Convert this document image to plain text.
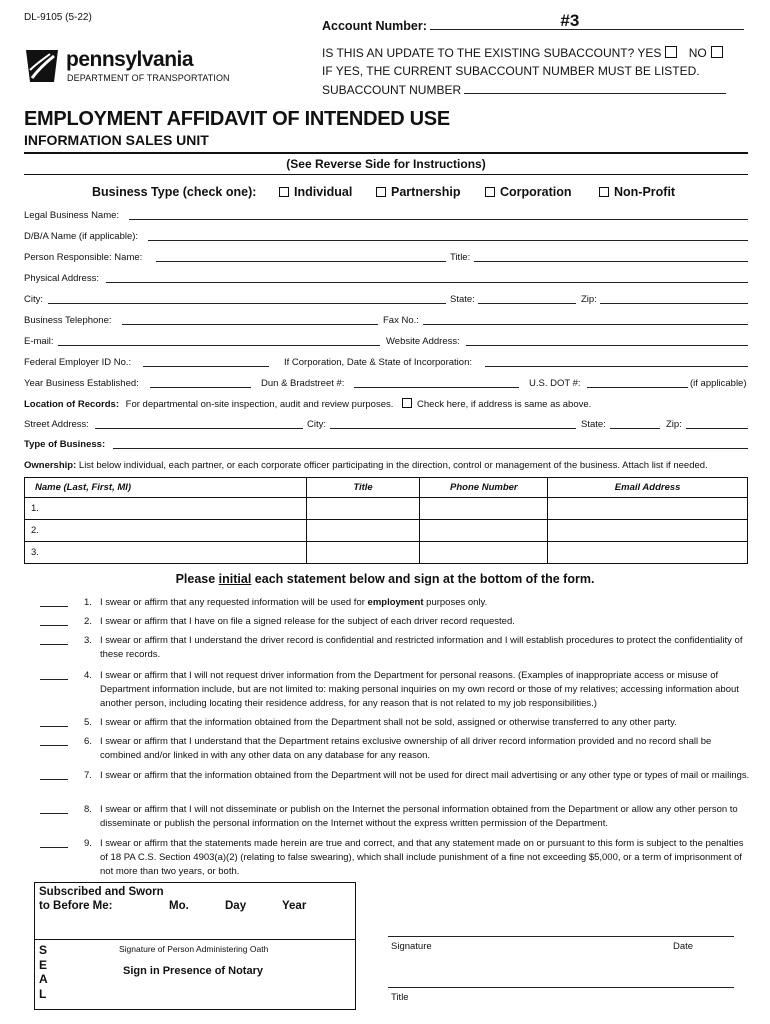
DL-9105 (5-22)
Account Number:	#3
IS THIS AN UPDATE TO THE EXISTING SUBACCOUNT? YES NO
IF YES, THE CURRENT SUBACCOUNT NUMBER MUST BE LISTED.
SUBACCOUNT NUMBER
pennsylvania
DEPARTMENT OF TRANSPORTATION
EMPLOYMENT AFFIDAVIT OF INTENDED USE
INFORMATION SALES UNIT
(See Reverse Side for Instructions)
Business Type (check one):	Individual	Partnership	Corporation	Non-Profit
Legal Business Name:
D/B/A Name (if applicable):
Person Responsible: Name:	Title:
Physical Address:
City:	State:	Zip:
Business Telephone:	Fax No.:
E-mail:	Website Address:
Federal Employer ID No.:	If Corporation, Date & State of Incorporation:
Year Business Established:	Dun & Bradstreet #:	U.S. DOT #:	(if applicable)
Location of Records: For departmental on-site inspection, audit and review purposes. Check here, if address is same as above.
Street Address:	City:	State:	Zip:
Type of Business:
Ownership: List below individual, each partner, or each corporate officer participating in the direction, control or management of the business. Attach list if needed.
Name (Last, First, MI)	Title	Phone Number	Email Address
1.			
2.			
3.			
Please initial each statement below and sign at the bottom of the form.
1. I swear or affirm that any requested information will be used for employment purposes only.
2. I swear or affirm that I have on file a signed release for the subject of each driver record requested.
3. I swear or affirm that I understand the driver record is confidential and restricted information and I will establish procedures to protect the confidentiality of these records.
4. I swear or affirm that I will not request driver information from the Department for personal reasons. (Examples of inappropriate access or misuse of Department information include, but are not limited to: making personal inquiries on my own record or those of my relatives; accessing information about another person, including locating their residence address, for any reason that is not related to my job responsibilities.)
5. I swear or affirm that the information obtained from the Department shall not be sold, assigned or otherwise transferred to any other party.
6. I swear or affirm that I understand that the Department retains exclusive ownership of all driver record information provided and no record shall be combined and/or linked in with any other data on any database for any reason.
7. I swear or affirm that the information obtained from the Department will not be used for direct mail advertising or any other type or types of mail or mailings.
8. I swear or affirm that I will not disseminate or publish on the Internet the personal information obtained from the Department or allow any other person to disseminate or publish the personal information on the Internet without the express written permission of the Department.
9. I swear or affirm that the statements made herein are true and correct, and that any statement made on or pursuant to this form is subject to the penalties of 18 PA C.S. Section 4903(a)(2) (relating to false swearing), which shall include punishment of a fine not exceeding $5,000, or a term of imprisonment of not more than two years, or both.
Subscribed and Sworn
to Before Me:	Mo.	Day	Year
S
E
A
L
Signature of Person Administering Oath
Sign in Presence of Notary
Signature	Date
Title
